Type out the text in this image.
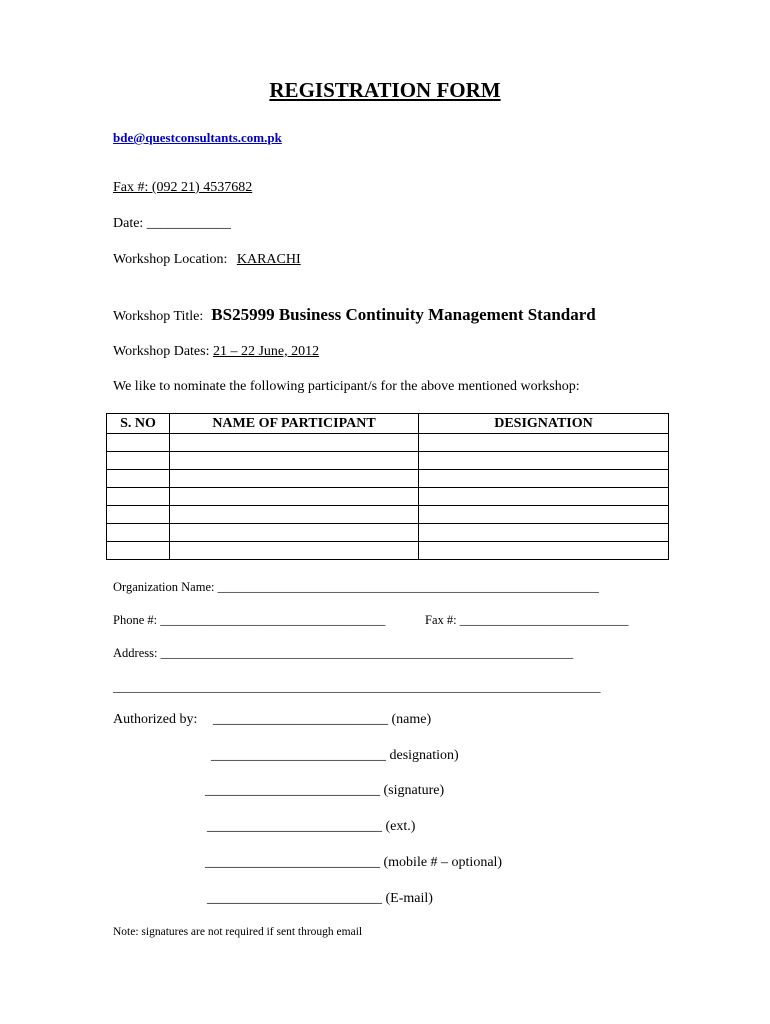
REGISTRATION FORM
bde@questconsultants.com.pk
Fax #: (092 21) 4537682
Date: ____________
Workshop Location: KARACHI
Workshop Title: BS25999 Business Continuity Management Standard
Workshop Dates: 21 – 22 June, 2012
We like to nominate the following participant/s for the above mentioned workshop:
S. NO	NAME OF PARTICIPANT	DESIGNATION

Organization Name: _____________________________________________________________
Phone #: ____________________________________	Fax #: ___________________________
Address: __________________________________________________________________
______________________________________________________________________________
Authorized by: _________________________ (name)
_________________________ designation)
_________________________ (signature)
_________________________ (ext.)
_________________________ (mobile # – optional)
_________________________ (E-mail)
Note: signatures are not required if sent through email
